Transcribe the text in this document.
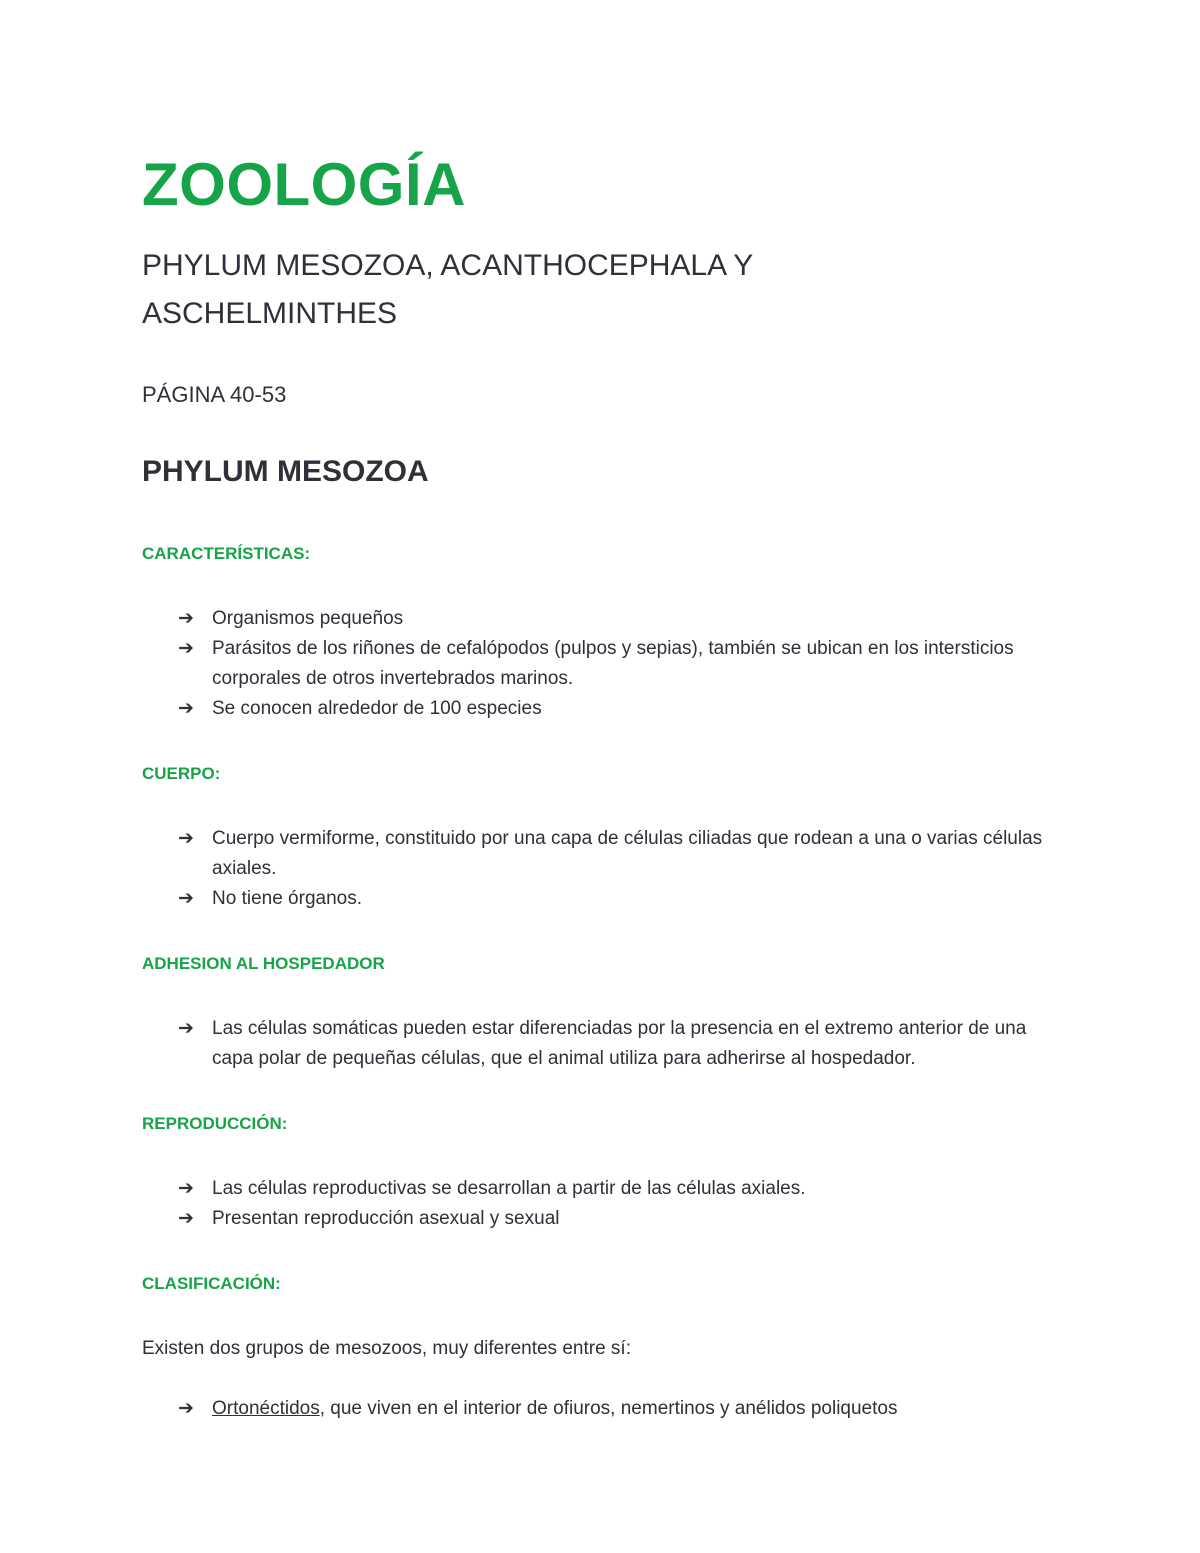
ZOOLOGÍA
PHYLUM MESOZOA, ACANTHOCEPHALA Y ASCHELMINTHES

PÁGINA 40-53

PHYLUM MESOZOA

CARACTERÍSTICAS:

➔ Organismos pequeños
➔ Parásitos de los riñones de cefalópodos (pulpos y sepias), también se ubican en los intersticios corporales de otros invertebrados marinos.
➔ Se conocen alrededor de 100 especies

CUERPO:

➔ Cuerpo vermiforme, constituido por una capa de células ciliadas que rodean a una o varias células axiales.
➔ No tiene órganos.

ADHESION AL HOSPEDADOR

➔ Las células somáticas pueden estar diferenciadas por la presencia en el extremo anterior de una capa polar de pequeñas células, que el animal utiliza para adherirse al hospedador.

REPRODUCCIÓN:

➔ Las células reproductivas se desarrollan a partir de las células axiales.
➔ Presentan reproducción asexual y sexual

CLASIFICACIÓN:

Existen dos grupos de mesozoos, muy diferentes entre sí:

➔ Ortonéctidos, que viven en el interior de ofiuros, nemertinos y anélidos poliquetos
